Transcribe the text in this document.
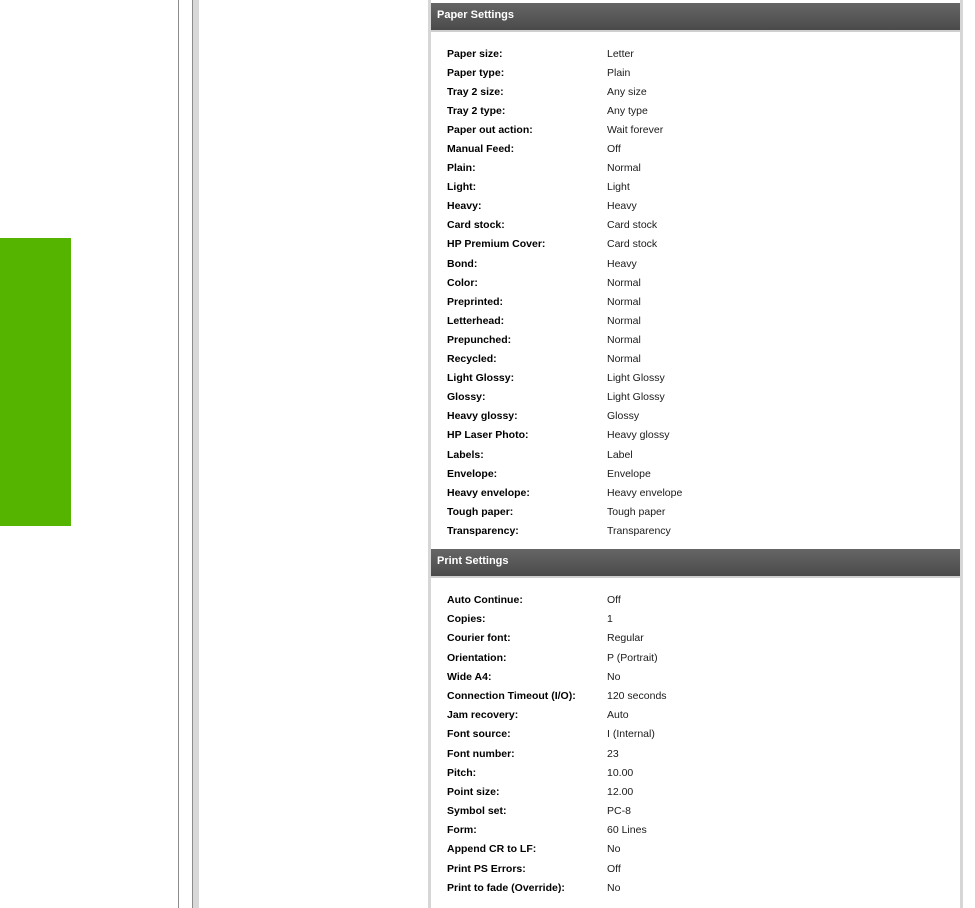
Paper Settings
Paper size:	Letter
Paper type:	Plain
Tray 2 size:	Any size
Tray 2 type:	Any type
Paper out action:	Wait forever
Manual Feed:	Off
Plain:	Normal
Light:	Light
Heavy:	Heavy
Card stock:	Card stock
HP Premium Cover:	Card stock
Bond:	Heavy
Color:	Normal
Preprinted:	Normal
Letterhead:	Normal
Prepunched:	Normal
Recycled:	Normal
Light Glossy:	Light Glossy
Glossy:	Light Glossy
Heavy glossy:	Glossy
HP Laser Photo:	Heavy glossy
Labels:	Label
Envelope:	Envelope
Heavy envelope:	Heavy envelope
Tough paper:	Tough paper
Transparency:	Transparency
Print Settings
Auto Continue:	Off
Copies:	1
Courier font:	Regular
Orientation:	P (Portrait)
Wide A4:	No
Connection Timeout (I/O):	120 seconds
Jam recovery:	Auto
Font source:	I (Internal)
Font number:	23
Pitch:	10.00
Point size:	12.00
Symbol set:	PC-8
Form:	60 Lines
Append CR to LF:	No
Print PS Errors:	Off
Print to fade (Override):	No
